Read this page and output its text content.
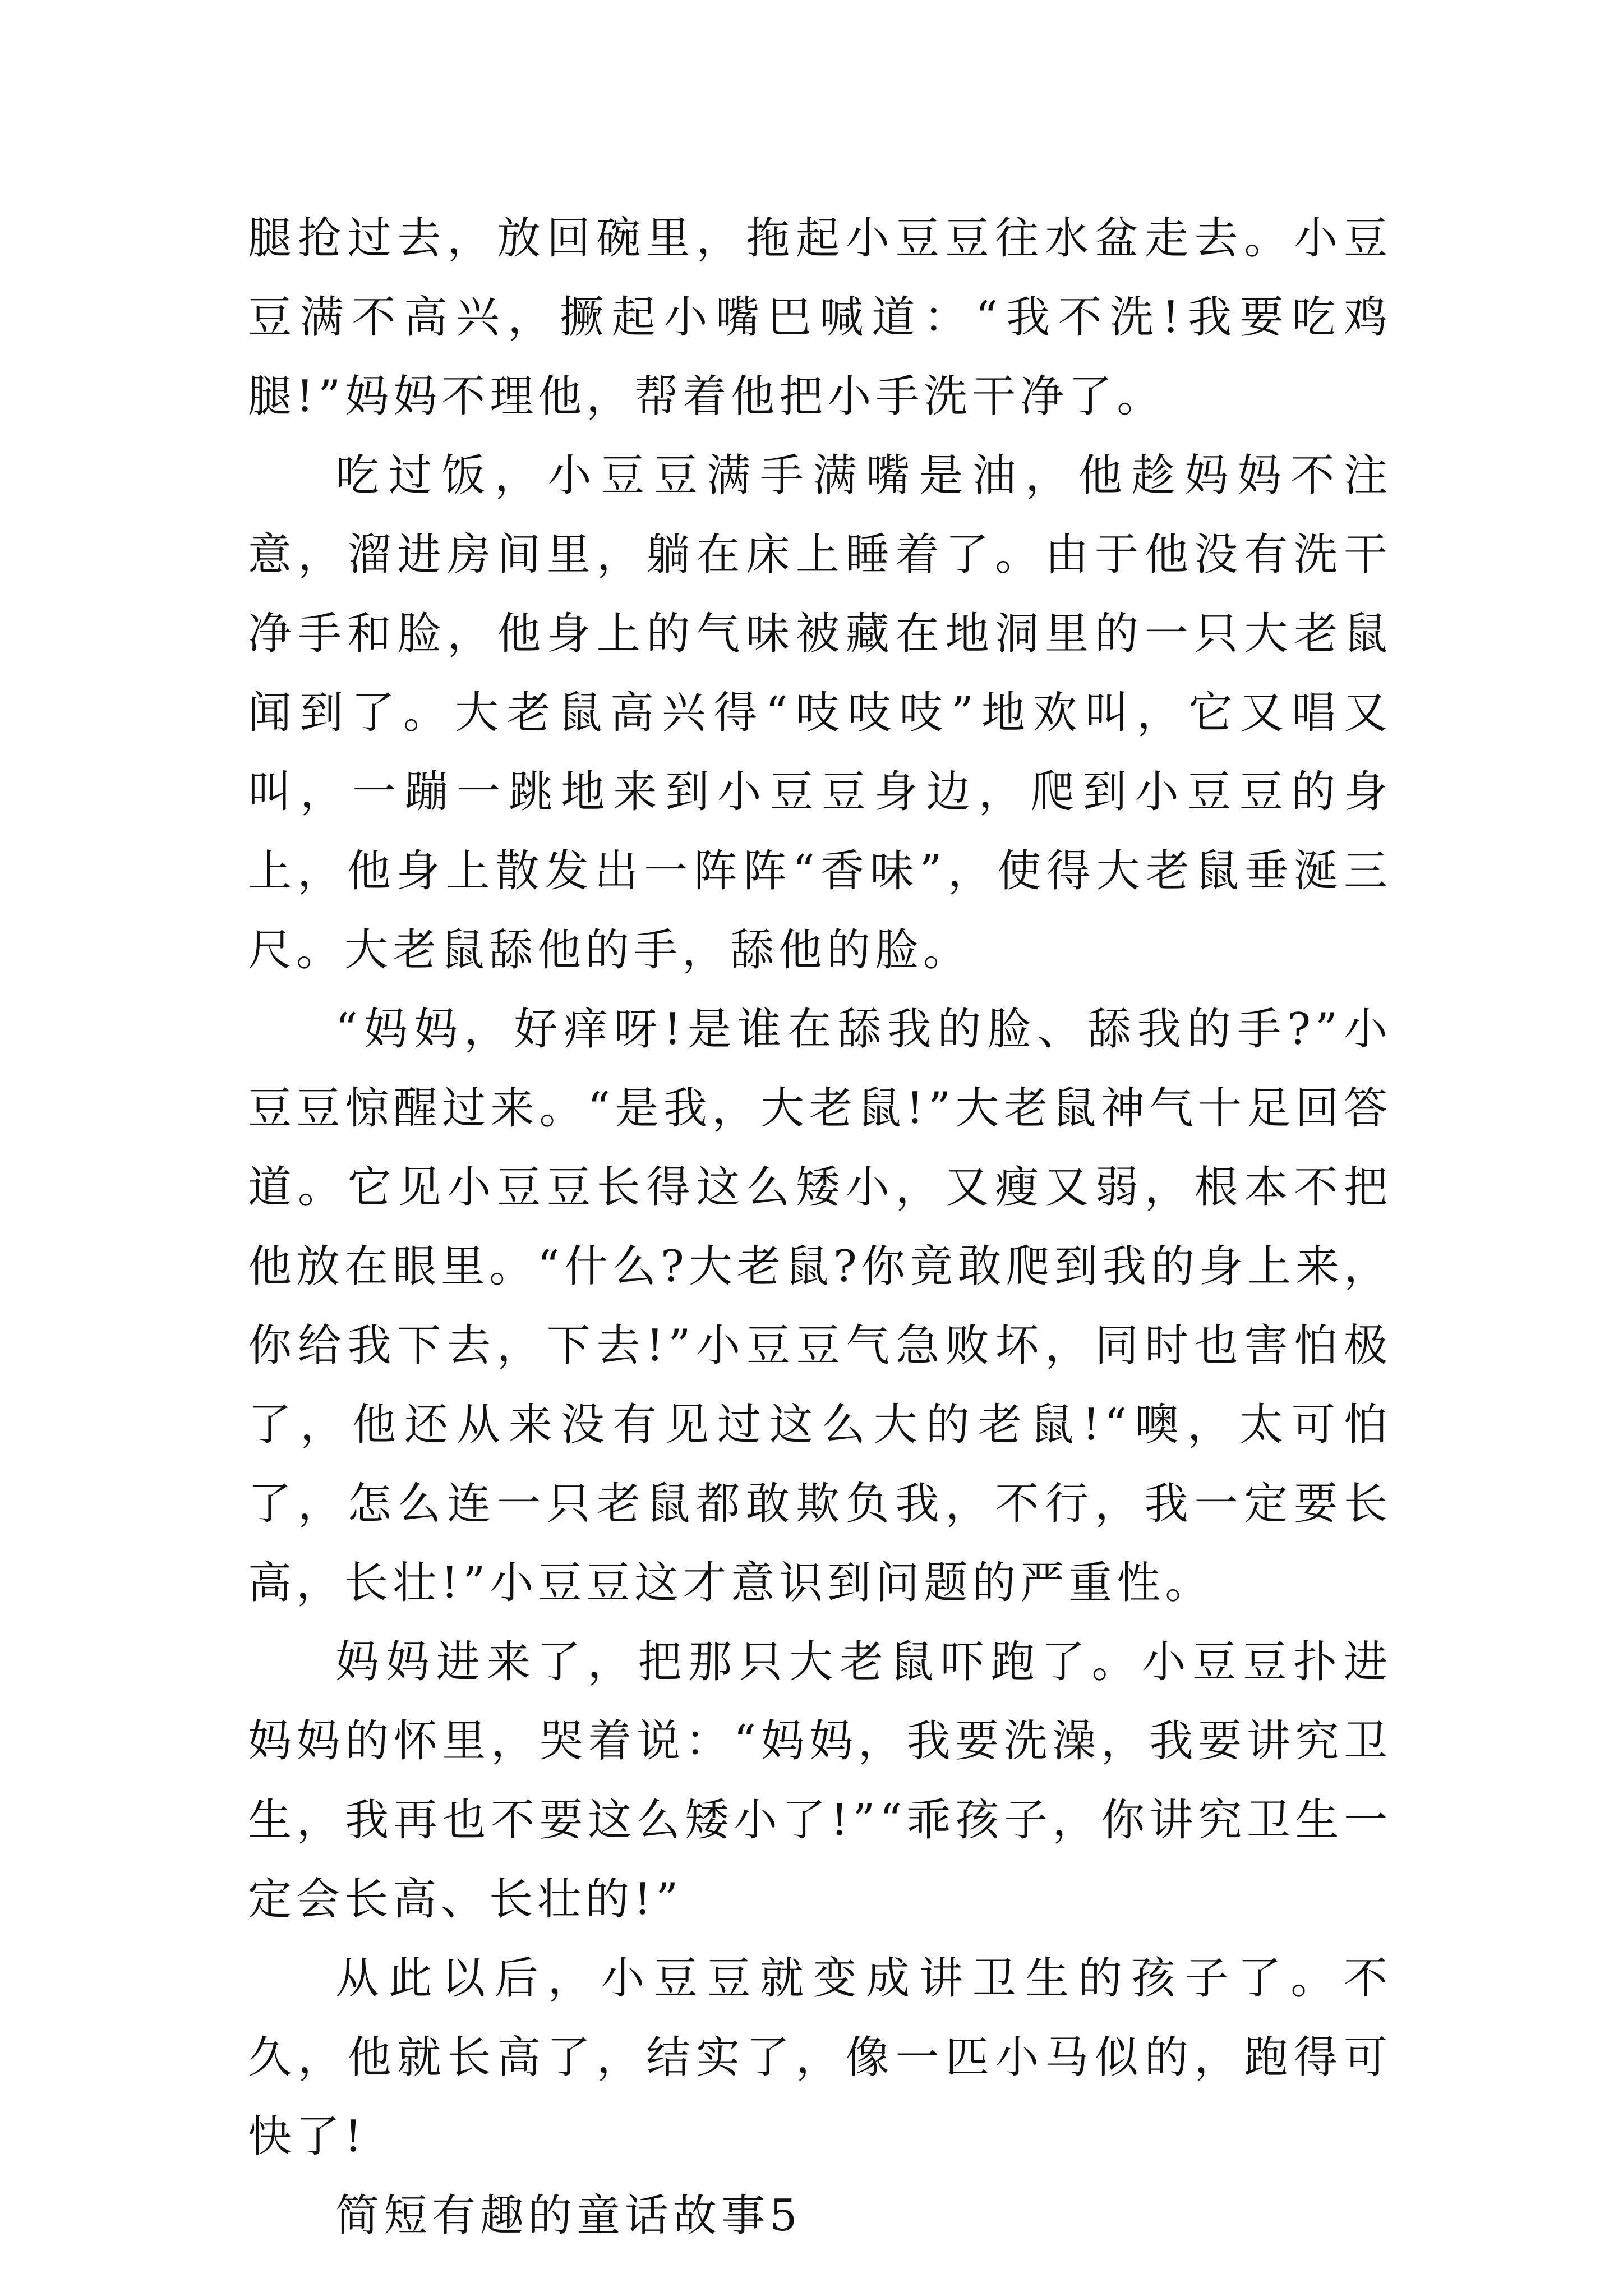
腿抢过去，放回碗里，拖起小豆豆往水盆走去。小豆豆满不高兴，撅起小嘴巴喊道：“我不洗!我要吃鸡腿!”妈妈不理他，帮着他把小手洗干净了。

吃过饭，小豆豆满手满嘴是油，他趁妈妈不注意，溜进房间里，躺在床上睡着了。由于他没有洗干净手和脸，他身上的气味被藏在地洞里的一只大老鼠闻到了。大老鼠高兴得“吱吱吱”地欢叫，它又唱又叫，一蹦一跳地来到小豆豆身边，爬到小豆豆的身上，他身上散发出一阵阵“香味”，使得大老鼠垂涎三尺。大老鼠舔他的手，舔他的脸。

“妈妈，好痒呀!是谁在舔我的脸、舔我的手?”小豆豆惊醒过来。“是我，大老鼠!”大老鼠神气十足回答道。它见小豆豆长得这么矮小，又瘦又弱，根本不把他放在眼里。“什么?大老鼠?你竟敢爬到我的身上来，你给我下去，下去!”小豆豆气急败坏，同时也害怕极了，他还从来没有见过这么大的老鼠!“噢，太可怕了，怎么连一只老鼠都敢欺负我，不行，我一定要长高，长壮!”小豆豆这才意识到问题的严重性。

妈妈进来了，把那只大老鼠吓跑了。小豆豆扑进妈妈的怀里，哭着说：“妈妈，我要洗澡，我要讲究卫生，我再也不要这么矮小了!”“乖孩子，你讲究卫生一定会长高、长壮的!”

从此以后，小豆豆就变成讲卫生的孩子了。不久，他就长高了，结实了，像一匹小马似的，跑得可快了!

简短有趣的童话故事5
